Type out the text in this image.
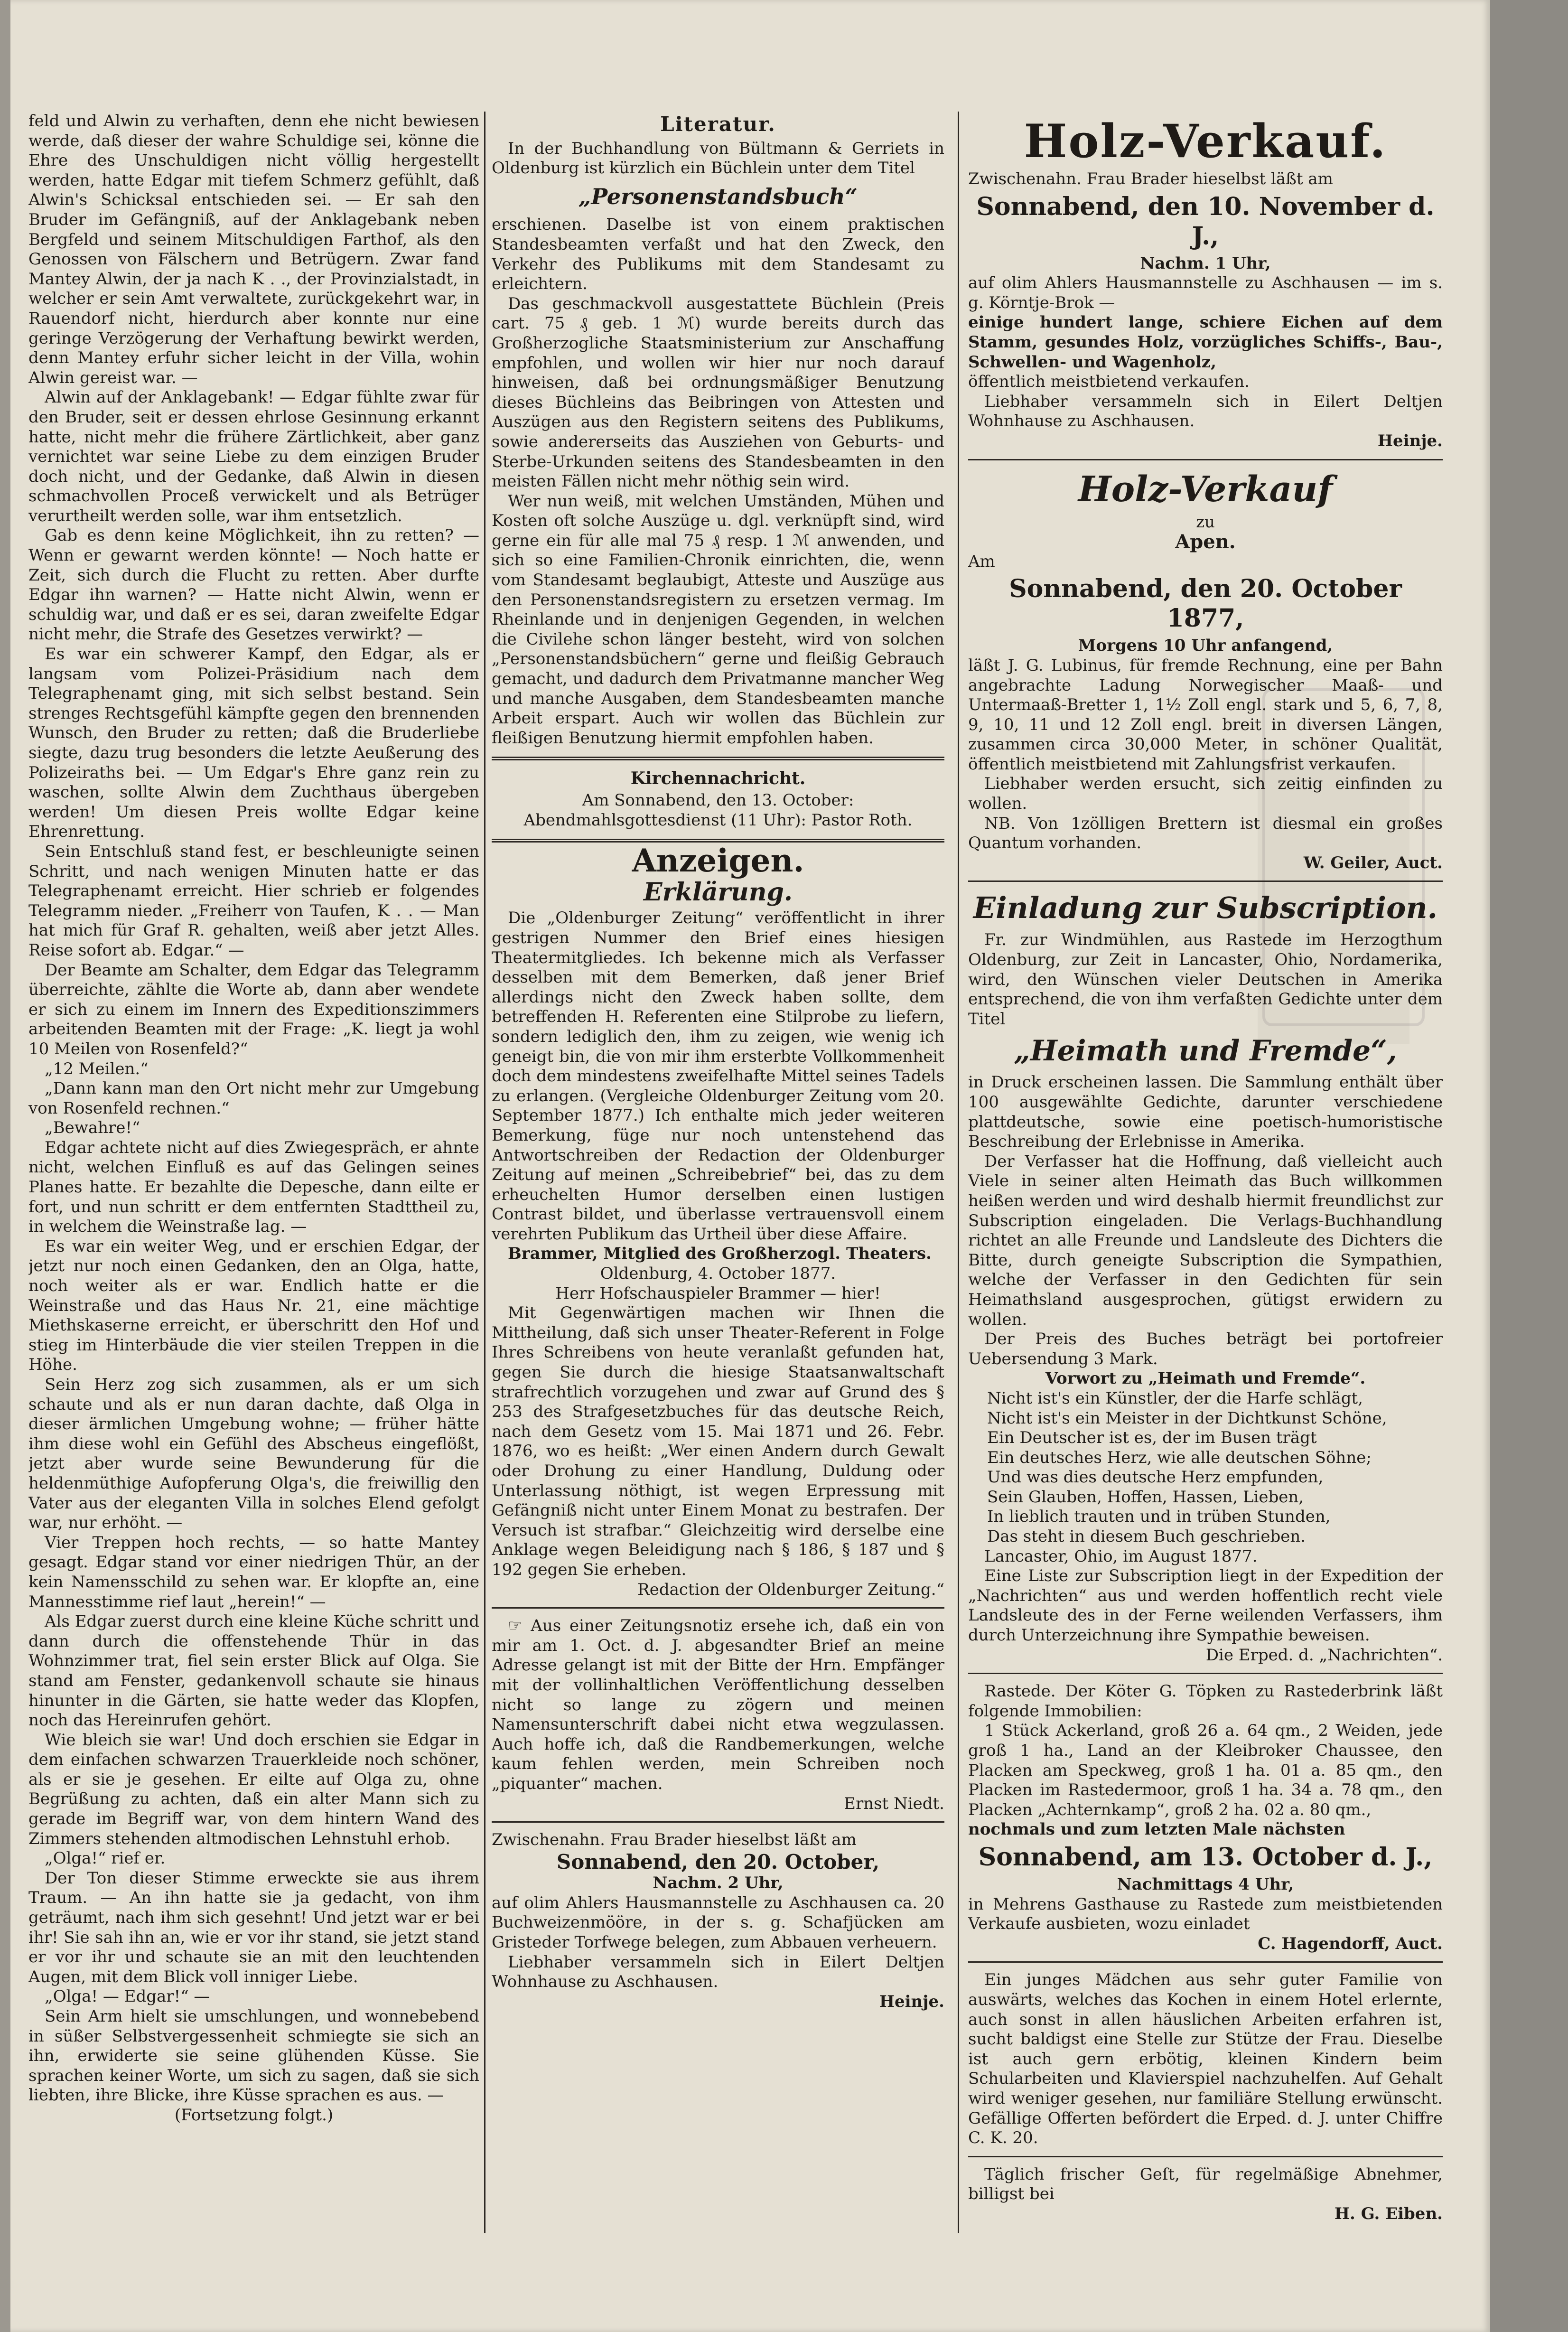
feld und Alwin zu verhaften, denn ehe nicht bewiesen werde, daß dieser der wahre Schuldige sei, könne die Ehre des Unschuldigen nicht völlig hergestellt werden, hatte Edgar mit tiefem Schmerz gefühlt, daß Alwin's Schicksal entschieden sei. — Er sah den Bruder im Gefängniß, auf der Anklagebank neben Bergfeld und seinem Mitschuldigen Farthof, als den Genossen von Fälschern und Betrügern. Zwar fand Mantey Alwin, der ja nach K . ., der Provinzialstadt, in welcher er sein Amt verwaltete, zurückgekehrt war, in Rauendorf nicht, hierdurch aber konnte nur eine geringe Verzögerung der Verhaftung bewirkt werden, denn Mantey erfuhr sicher leicht in der Villa, wohin Alwin gereist war. —

Alwin auf der Anklagebank! — Edgar fühlte zwar für den Bruder, seit er dessen ehrlose Gesinnung erkannt hatte, nicht mehr die frühere Zärtlichkeit, aber ganz vernichtet war seine Liebe zu dem einzigen Bruder doch nicht, und der Gedanke, daß Alwin in diesen schmachvollen Proceß verwickelt und als Betrüger verurtheilt werden solle, war ihm entsetzlich.

Gab es denn keine Möglichkeit, ihn zu retten? — Wenn er gewarnt werden könnte! — Noch hatte er Zeit, sich durch die Flucht zu retten. Aber durfte Edgar ihn warnen? — Hatte nicht Alwin, wenn er schuldig war, und daß er es sei, daran zweifelte Edgar nicht mehr, die Strafe des Gesetzes verwirkt? —

Es war ein schwerer Kampf, den Edgar, als er langsam vom Polizei-Präsidium nach dem Telegraphenamt ging, mit sich selbst bestand. Sein strenges Rechtsgefühl kämpfte gegen den brennenden Wunsch, den Bruder zu retten; daß die Bruderliebe siegte, dazu trug besonders die letzte Aeußerung des Polizeiraths bei. — Um Edgar's Ehre ganz rein zu waschen, sollte Alwin dem Zuchthaus übergeben werden! Um diesen Preis wollte Edgar keine Ehrenrettung.

Sein Entschluß stand fest, er beschleunigte seinen Schritt, und nach wenigen Minuten hatte er das Telegraphenamt erreicht. Hier schrieb er folgendes Telegramm nieder. „Freiherr von Taufen, K . . — Man hat mich für Graf R. gehalten, weiß aber jetzt Alles. Reise sofort ab. Edgar.“ —

Der Beamte am Schalter, dem Edgar das Telegramm überreichte, zählte die Worte ab, dann aber wendete er sich zu einem im Innern des Expeditionszimmers arbeitenden Beamten mit der Frage: „K. liegt ja wohl 10 Meilen von Rosenfeld?“

„12 Meilen.“

„Dann kann man den Ort nicht mehr zur Umgebung von Rosenfeld rechnen.“

„Bewahre!“

Edgar achtete nicht auf dies Zwiegespräch, er ahnte nicht, welchen Einfluß es auf das Gelingen seines Planes hatte. Er bezahlte die Depesche, dann eilte er fort, und nun schritt er dem entfernten Stadttheil zu, in welchem die Weinstraße lag. —

Es war ein weiter Weg, und er erschien Edgar, der jetzt nur noch einen Gedanken, den an Olga, hatte, noch weiter als er war. Endlich hatte er die Weinstraße und das Haus Nr. 21, eine mächtige Miethskaserne erreicht, er überschritt den Hof und stieg im Hinterbäude die vier steilen Treppen in die Höhe.

Sein Herz zog sich zusammen, als er um sich schaute und als er nun daran dachte, daß Olga in dieser ärmlichen Umgebung wohne; — früher hätte ihm diese wohl ein Gefühl des Abscheus eingeflößt, jetzt aber wurde seine Bewunderung für die heldenmüthige Aufopferung Olga's, die freiwillig den Vater aus der eleganten Villa in solches Elend gefolgt war, nur erhöht. —

Vier Treppen hoch rechts, — so hatte Mantey gesagt. Edgar stand vor einer niedrigen Thür, an der kein Namensschild zu sehen war. Er klopfte an, eine Mannesstimme rief laut „herein!“ —

Als Edgar zuerst durch eine kleine Küche schritt und dann durch die offenstehende Thür in das Wohnzimmer trat, fiel sein erster Blick auf Olga. Sie stand am Fenster, gedankenvoll schaute sie hinaus hinunter in die Gärten, sie hatte weder das Klopfen, noch das Hereinrufen gehört.

Wie bleich sie war! Und doch erschien sie Edgar in dem einfachen schwarzen Trauerkleide noch schöner, als er sie je gesehen. Er eilte auf Olga zu, ohne Begrüßung zu achten, daß ein alter Mann sich zu gerade im Begriff war, von dem hintern Wand des Zimmers stehenden altmodischen Lehnstuhl erhob.

„Olga!“ rief er.

Der Ton dieser Stimme erweckte sie aus ihrem Traum. — An ihn hatte sie ja gedacht, von ihm geträumt, nach ihm sich gesehnt! Und jetzt war er bei ihr! Sie sah ihn an, wie er vor ihr stand, sie jetzt stand er vor ihr und schaute sie an mit den leuchtenden Augen, mit dem Blick voll inniger Liebe.

„Olga! — Edgar!“ —

Sein Arm hielt sie umschlungen, und wonnebebend in süßer Selbstvergessenheit schmiegte sie sich an ihn, erwiderte sie seine glühenden Küsse. Sie sprachen keiner Worte, um sich zu sagen, daß sie sich liebten, ihre Blicke, ihre Küsse sprachen es aus. —

(Fortsetzung folgt.)

Literatur.

In der Buchhandlung von Bültmann & Gerriets in Oldenburg ist kürzlich ein Büchlein unter dem Titel

„Personenstandsbuch“

erschienen. Daselbe ist von einem praktischen Standesbeamten verfaßt und hat den Zweck, den Verkehr des Publikums mit dem Standesamt zu erleichtern.

Das geschmackvoll ausgestattete Büchlein (Preis cart. 75 ₰ geb. 1 ℳ) wurde bereits durch das Großherzogliche Staatsministerium zur Anschaffung empfohlen, und wollen wir hier nur noch darauf hinweisen, daß bei ordnungsmäßiger Benutzung dieses Büchleins das Beibringen von Attesten und Auszügen aus den Registern seitens des Publikums, sowie andererseits das Ausziehen von Geburts- und Sterbe-Urkunden seitens des Standesbeamten in den meisten Fällen nicht mehr nöthig sein wird.

Wer nun weiß, mit welchen Umständen, Mühen und Kosten oft solche Auszüge u. dgl. verknüpft sind, wird gerne ein für alle mal 75 ₰ resp. 1 ℳ anwenden, und sich so eine Familien-Chronik einrichten, die, wenn vom Standesamt beglaubigt, Atteste und Auszüge aus den Personenstandsregistern zu ersetzen vermag. Im Rheinlande und in denjenigen Gegenden, in welchen die Civilehe schon länger besteht, wird von solchen „Personenstandsbüchern“ gerne und fleißig Gebrauch gemacht, und dadurch dem Privatmanne mancher Weg und manche Ausgaben, dem Standesbeamten manche Arbeit erspart. Auch wir wollen das Büchlein zur fleißigen Benutzung hiermit empfohlen haben.

Kirchennachricht.

Am Sonnabend, den 13. October:

Abendmahlsgottesdienst (11 Uhr): Pastor Roth.

Anzeigen.

Erklärung.

Die „Oldenburger Zeitung“ veröffentlicht in ihrer gestrigen Nummer den Brief eines hiesigen Theatermitgliedes. Ich bekenne mich als Verfasser desselben mit dem Bemerken, daß jener Brief allerdings nicht den Zweck haben sollte, dem betreffenden H. Referenten eine Stilprobe zu liefern, sondern lediglich den, ihm zu zeigen, wie wenig ich geneigt bin, die von mir ihm ersterbte Vollkommenheit doch dem mindestens zweifelhafte Mittel seines Tadels zu erlangen. (Vergleiche Oldenburger Zeitung vom 20. September 1877.) Ich enthalte mich jeder weiteren Bemerkung, füge nur noch untenstehend das Antwortschreiben der Redaction der Oldenburger Zeitung auf meinen „Schreibebrief“ bei, das zu dem erheuchelten Humor derselben einen lustigen Contrast bildet, und überlasse vertrauensvoll einem verehrten Publikum das Urtheil über diese Affaire.

Brammer, Mitglied des Großherzogl. Theaters.

Oldenburg, 4. October 1877.

Herr Hofschauspieler Brammer — hier!

Mit Gegenwärtigen machen wir Ihnen die Mittheilung, daß sich unser Theater-Referent in Folge Ihres Schreibens von heute veranlaßt gefunden hat, gegen Sie durch die hiesige Staatsanwaltschaft strafrechtlich vorzugehen und zwar auf Grund des § 253 des Strafgesetzbuches für das deutsche Reich, nach dem Gesetz vom 15. Mai 1871 und 26. Febr. 1876, wo es heißt: „Wer einen Andern durch Gewalt oder Drohung zu einer Handlung, Duldung oder Unterlassung nöthigt, ist wegen Erpressung mit Gefängniß nicht unter Einem Monat zu bestrafen. Der Versuch ist strafbar.“ Gleichzeitig wird derselbe eine Anklage wegen Beleidigung nach § 186, § 187 und § 192 gegen Sie erheben.

Redaction der Oldenburger Zeitung.“

☞ Aus einer Zeitungsnotiz ersehe ich, daß ein von mir am 1. Oct. d. J. abgesandter Brief an meine Adresse gelangt ist mit der Bitte der Hrn. Empfänger mit der vollinhaltlichen Veröffentlichung desselben nicht so lange zu zögern und meinen Namensunterschrift dabei nicht etwa wegzulassen. Auch hoffe ich, daß die Randbemerkungen, welche kaum fehlen werden, mein Schreiben noch „piquanter“ machen.

Ernst Niedt.

Zwischenahn. Frau Brader hieselbst läßt am

Sonnabend, den 20. October,

Nachm. 2 Uhr,

auf olim Ahlers Hausmannstelle zu Aschhausen ca. 20 Buchweizenmööre, in der s. g. Schafjücken am Gristeder Torfwege belegen, zum Abbauen verheuern.

Liebhaber versammeln sich in Eilert Deltjen Wohnhause zu Aschhausen.

Heinje.

Holz-Verkauf.

Zwischenahn. Frau Brader hieselbst läßt am

Sonnabend, den 10. November d. J.,

Nachm. 1 Uhr,

auf olim Ahlers Hausmannstelle zu Aschhausen — im s. g. Körntje-Brok —

einige hundert lange, schiere Eichen auf dem Stamm, gesundes Holz, vorzügliches Schiffs-, Bau-, Schwellen- und Wagenholz,

öffentlich meistbietend verkaufen.

Liebhaber versammeln sich in Eilert Deltjen Wohnhause zu Aschhausen.

Heinje.

Holz-Verkauf

zu

Apen.

Am

Sonnabend, den 20. October 1877,

Morgens 10 Uhr anfangend,

läßt J. G. Lubinus, für fremde Rechnung, eine per Bahn angebrachte Ladung Norwegischer Maaß- und Untermaaß-Bretter 1, 1½ Zoll engl. stark und 5, 6, 7, 8, 9, 10, 11 und 12 Zoll engl. breit in diversen Längen, zusammen circa 30,000 Meter, in schöner Qualität, öffentlich meistbietend mit Zahlungsfrist verkaufen.

Liebhaber werden ersucht, sich zeitig einfinden zu wollen.

NB. Von 1zölligen Brettern ist diesmal ein großes Quantum vorhanden.

W. Geiler, Auct.

Einladung zur Subscription.

Fr. zur Windmühlen, aus Rastede im Herzogthum Oldenburg, zur Zeit in Lancaster, Ohio, Nordamerika, wird, den Wünschen vieler Deutschen in Amerika entsprechend, die von ihm verfaßten Gedichte unter dem Titel

„Heimath und Fremde“,

in Druck erscheinen lassen. Die Sammlung enthält über 100 ausgewählte Gedichte, darunter verschiedene plattdeutsche, sowie eine poetisch-humoristische Beschreibung der Erlebnisse in Amerika.

Der Verfasser hat die Hoffnung, daß vielleicht auch Viele in seiner alten Heimath das Buch willkommen heißen werden und wird deshalb hiermit freundlichst zur Subscription eingeladen. Die Verlags-Buchhandlung richtet an alle Freunde und Landsleute des Dichters die Bitte, durch geneigte Subscription die Sympathien, welche der Verfasser in den Gedichten für sein Heimathsland ausgesprochen, gütigst erwidern zu wollen.

Der Preis des Buches beträgt bei portofreier Uebersendung 3 Mark.

Vorwort zu „Heimath und Fremde“.

Nicht ist's ein Künstler, der die Harfe schlägt,

Nicht ist's ein Meister in der Dichtkunst Schöne,

Ein Deutscher ist es, der im Busen trägt

Ein deutsches Herz, wie alle deutschen Söhne;

Und was dies deutsche Herz empfunden,

Sein Glauben, Hoffen, Hassen, Lieben,

In lieblich trauten und in trüben Stunden,

Das steht in diesem Buch geschrieben.

Lancaster, Ohio, im August 1877.

Eine Liste zur Subscription liegt in der Expedition der „Nachrichten“ aus und werden hoffentlich recht viele Landsleute des in der Ferne weilenden Verfassers, ihm durch Unterzeichnung ihre Sympathie beweisen.

Die Erped. d. „Nachrichten“.

Rastede. Der Köter G. Töpken zu Rastederbrink läßt folgende Immobilien:

1 Stück Ackerland, groß 26 a. 64 qm., 2 Weiden, jede groß 1 ha., Land an der Kleibroker Chaussee, den Placken am Speckweg, groß 1 ha. 01 a. 85 qm., den Placken im Rastedermoor, groß 1 ha. 34 a. 78 qm., den Placken „Achternkamp“, groß 2 ha. 02 a. 80 qm.,

nochmals und zum letzten Male nächsten

Sonnabend, am 13. October d. J.,

Nachmittags 4 Uhr,

in Mehrens Gasthause zu Rastede zum meistbietenden Verkaufe ausbieten, wozu einladet

C. Hagendorff, Auct.

Ein junges Mädchen aus sehr guter Familie von auswärts, welches das Kochen in einem Hotel erlernte, auch sonst in allen häuslichen Arbeiten erfahren ist, sucht baldigst eine Stelle zur Stütze der Frau. Dieselbe ist auch gern erbötig, kleinen Kindern beim Schularbeiten und Klavierspiel nachzuhelfen. Auf Gehalt wird weniger gesehen, nur familiäre Stellung erwünscht. Gefällige Offerten befördert die Erped. d. J. unter Chiffre C. K. 20.

Täglich frischer Geſt, für regelmäßige Abnehmer, billigst bei

H. G. Eiben.
